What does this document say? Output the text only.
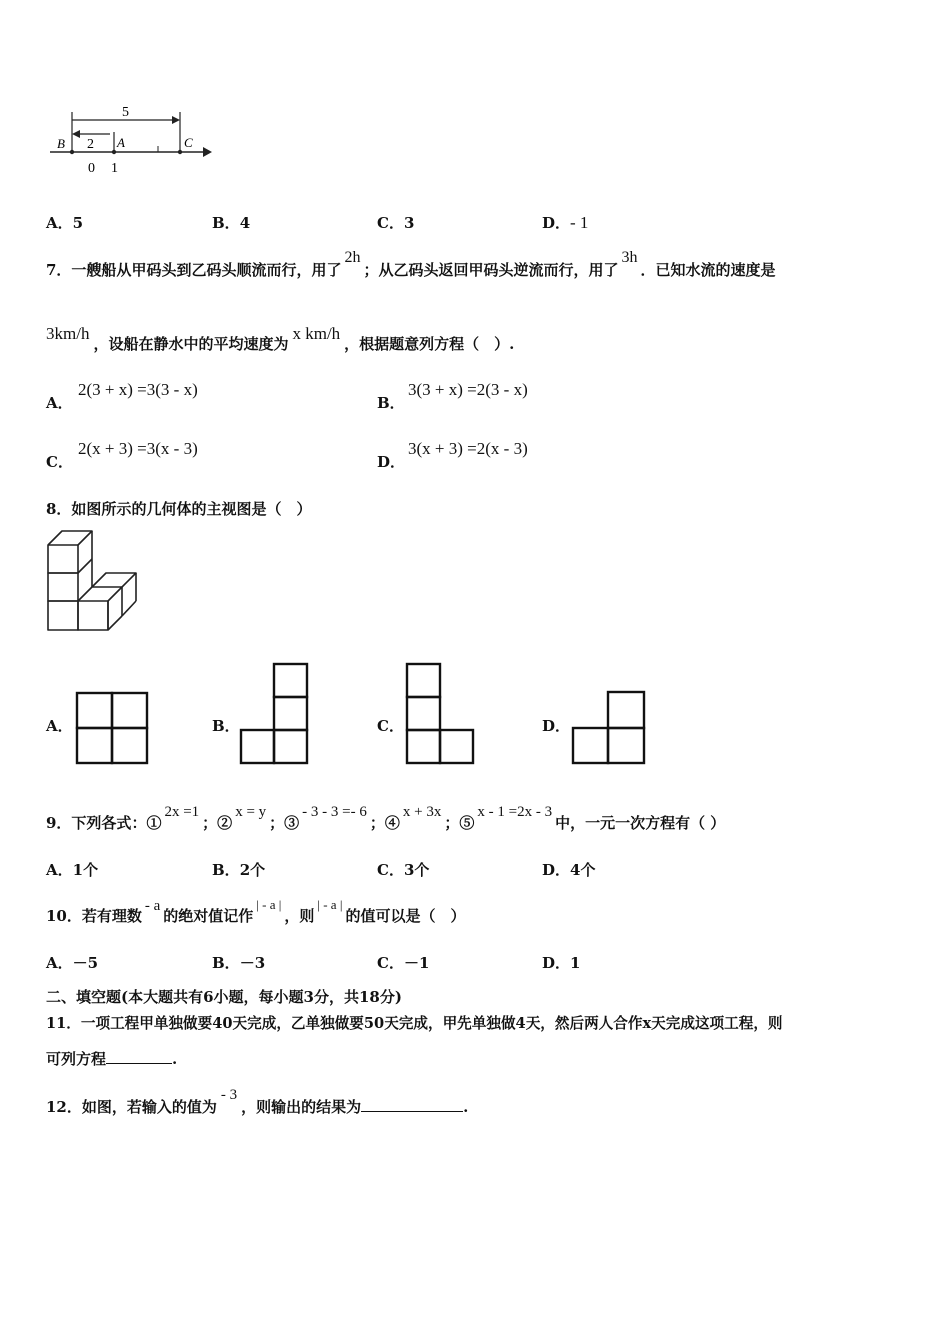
5
2
B	A	C
0 1
A．5	B．4	C．3	D．- 1
7．一艘船从甲码头到乙码头顺流而行，用了2h；从乙码头返回甲码头逆流而行，用了3h．已知水流的速度是
3km/h，设船在静水中的平均速度为x km/h，根据题意列方程（　）.
A．
2(3 + x) =3(3 - x)
B．
3(3 + x) =2(3 - x)
C．
2(x + 3) =3(x - 3)
D．
3(x + 3) =2(x - 3)
8．如图所示的几何体的主视图是（　）
A．	B．	C．	D．
9．下列各式：①2x =1；②x = y；③- 3 - 3 =- 6；④x + 3x；⑤x - 1 =2x - 3中，一元一次方程有（ ）
A．1个	B．2个	C．3个	D．4个
10．若有理数- a的绝对值记作| - a |，则| - a |的值可以是（　）
A．－5	B．－3	C．－1	D．1
二、填空题(本大题共有6小题，每小题3分，共18分)
11．一项工程甲单独做要40天完成，乙单独做要50天完成，甲先单独做4天，然后两人合作x天完成这项工程，则
可列方程	.
12．如图，若输入的值为- 3，则输出的结果为	.
